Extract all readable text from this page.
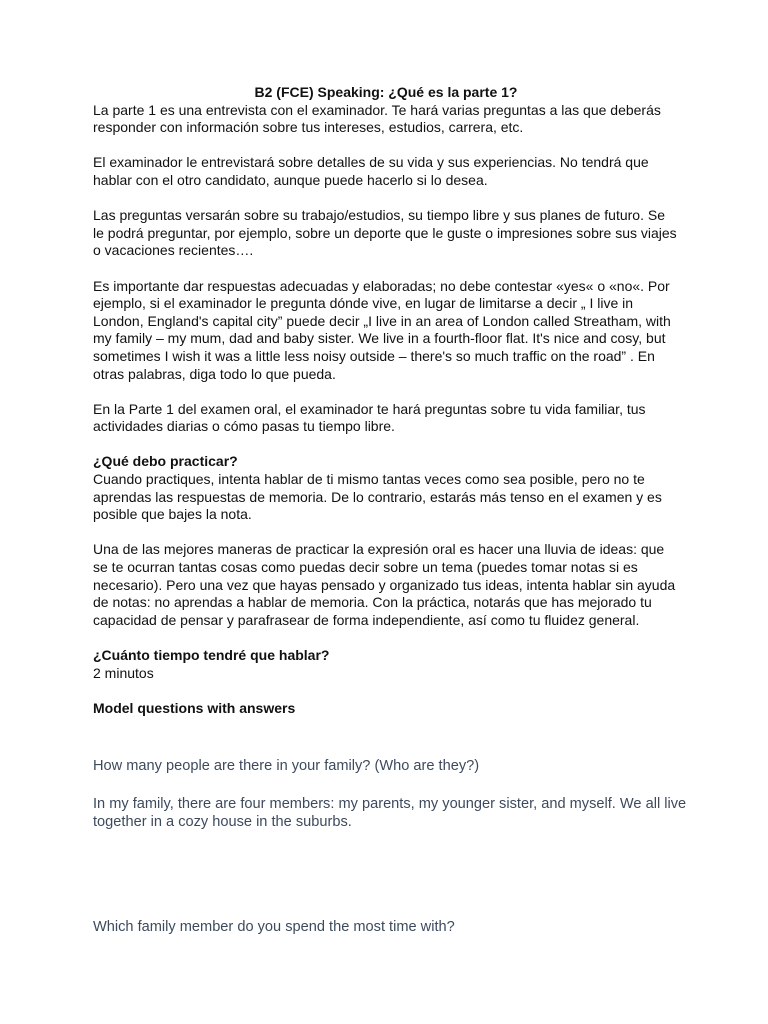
B2 (FCE) Speaking: ¿Qué es la parte 1?

La parte 1 es una entrevista con el examinador. Te hará varias preguntas a las que deberás responder con información sobre tus intereses, estudios, carrera, etc.

El examinador le entrevistará sobre detalles de su vida y sus experiencias. No tendrá que hablar con el otro candidato, aunque puede hacerlo si lo desea.

Las preguntas versarán sobre su trabajo/estudios, su tiempo libre y sus planes de futuro. Se le podrá preguntar, por ejemplo, sobre un deporte que le guste o impresiones sobre sus viajes o vacaciones recientes….

Es importante dar respuestas adecuadas y elaboradas; no debe contestar «yes« o «no«. Por ejemplo, si el examinador le pregunta dónde vive, en lugar de limitarse a decir „ I live in London, England's capital city” puede decir „I live in an area of London called Streatham, with my family – my mum, dad and baby sister. We live in a fourth-floor flat. It's nice and cosy, but sometimes I wish it was a little less noisy outside – there's so much traffic on the road” . En otras palabras, diga todo lo que pueda.

En la Parte 1 del examen oral, el examinador te hará preguntas sobre tu vida familiar, tus actividades diarias o cómo pasas tu tiempo libre.

¿Qué debo practicar?

Cuando practiques, intenta hablar de ti mismo tantas veces como sea posible, pero no te aprendas las respuestas de memoria. De lo contrario, estarás más tenso en el examen y es posible que bajes la nota.

Una de las mejores maneras de practicar la expresión oral es hacer una lluvia de ideas: que se te ocurran tantas cosas como puedas decir sobre un tema (puedes tomar notas si es necesario). Pero una vez que hayas pensado y organizado tus ideas, intenta hablar sin ayuda de notas: no aprendas a hablar de memoria. Con la práctica, notarás que has mejorado tu capacidad de pensar y parafrasear de forma independiente, así como tu fluidez general.

¿Cuánto tiempo tendré que hablar?

2 minutos

Model questions with answers

How many people are there in your family? (Who are they?)
In my family, there are four members: my parents, my younger sister, and myself. We all live together in a cozy house in the suburbs.
Which family member do you spend the most time with?
